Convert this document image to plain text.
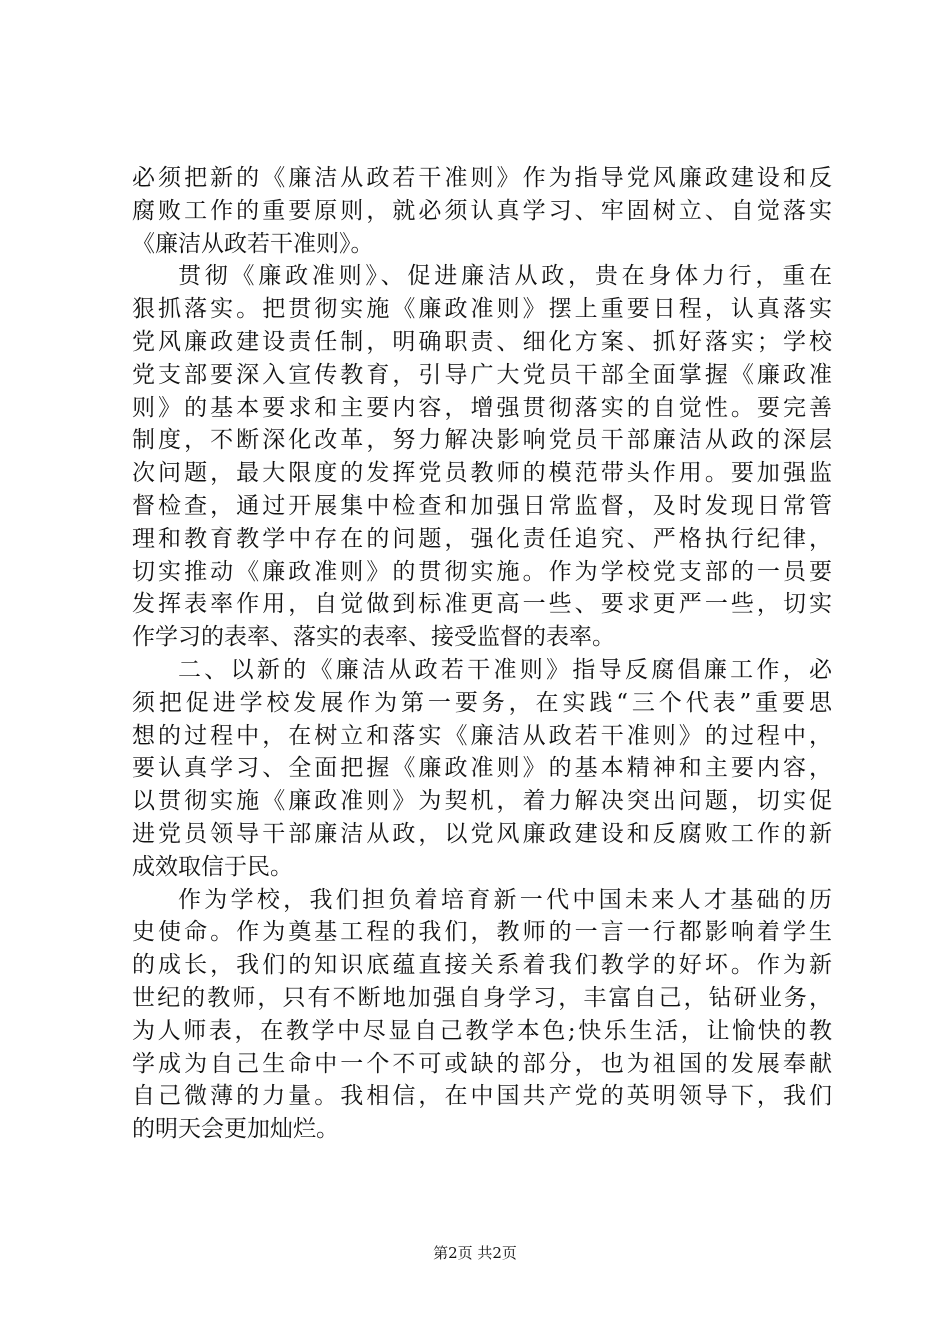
必须把新的《廉洁从政若干准则》作为指导党风廉政建设和反
腐败工作的重要原则，就必须认真学习、牢固树立、自觉落实
《廉洁从政若干准则》。
贯彻《廉政准则》、促进廉洁从政，贵在身体力行，重在
狠抓落实。把贯彻实施《廉政准则》摆上重要日程，认真落实
党风廉政建设责任制，明确职责、细化方案、抓好落实；学校
党支部要深入宣传教育，引导广大党员干部全面掌握《廉政准
则》的基本要求和主要内容，增强贯彻落实的自觉性。要完善
制度，不断深化改革，努力解决影响党员干部廉洁从政的深层
次问题，最大限度的发挥党员教师的模范带头作用。要加强监
督检查，通过开展集中检查和加强日常监督，及时发现日常管
理和教育教学中存在的问题，强化责任追究、严格执行纪律，
切实推动《廉政准则》的贯彻实施。作为学校党支部的一员要
发挥表率作用，自觉做到标准更高一些、要求更严一些，切实
作学习的表率、落实的表率、接受监督的表率。
二、以新的《廉洁从政若干准则》指导反腐倡廉工作，必
须把促进学校发展作为第一要务，在实践“三个代表”重要思
想的过程中，在树立和落实《廉洁从政若干准则》的过程中，
要认真学习、全面把握《廉政准则》的基本精神和主要内容，
以贯彻实施《廉政准则》为契机，着力解决突出问题，切实促
进党员领导干部廉洁从政，以党风廉政建设和反腐败工作的新
成效取信于民。
作为学校，我们担负着培育新一代中国未来人才基础的历
史使命。作为奠基工程的我们，教师的一言一行都影响着学生
的成长，我们的知识底蕴直接关系着我们教学的好坏。作为新
世纪的教师，只有不断地加强自身学习，丰富自己，钻研业务，
为人师表，在教学中尽显自己教学本色;快乐生活，让愉快的教
学成为自己生命中一个不可或缺的部分，也为祖国的发展奉献
自己微薄的力量。我相信，在中国共产党的英明领导下，我们
的明天会更加灿烂。
第2页 共2页
